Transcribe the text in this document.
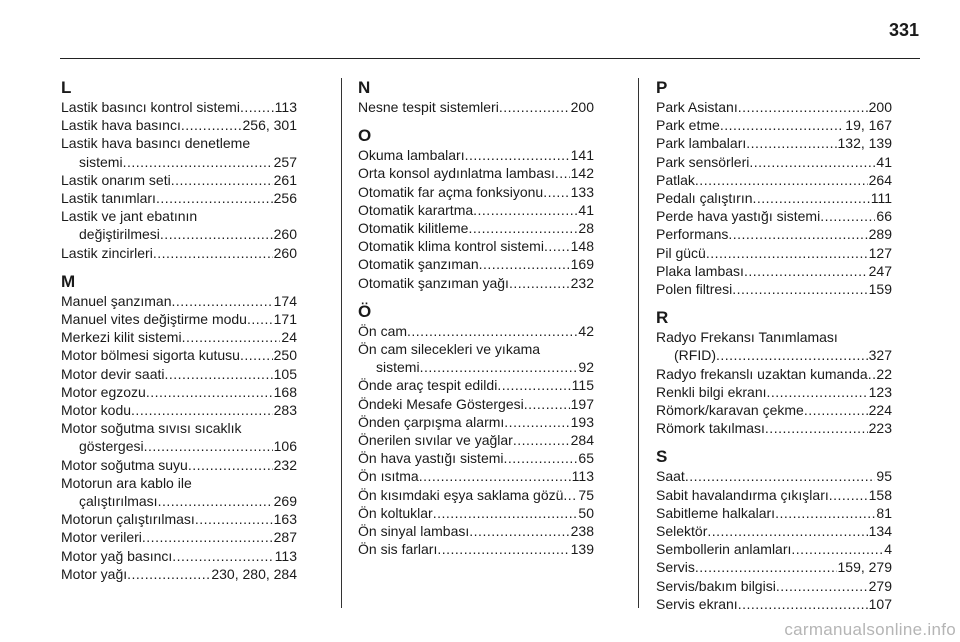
331
L
Lastik basıncı kontrol sistemi ..... 113
Lastik hava basıncı .....	256, 301
Lastik hava basıncı denetleme
sistemi .....	257
Lastik onarım seti .....	261
Lastik tanımları .....	256
Lastik ve jant ebatının
değiştirilmesi .....	260
Lastik zincirleri .....	260
M
Manuel şanzıman .....	174
Manuel vites değiştirme modu ..... 171
Merkezi kilit sistemi .....	24
Motor bölmesi sigorta kutusu ..... 250
Motor devir saati .....	105
Motor egzozu .....	168
Motor kodu .....	283
Motor soğutma sıvısı sıcaklık
göstergesi .....	106
Motor soğutma suyu .....	232
Motorun ara kablo ile
çalıştırılması .....	269
Motorun çalıştırılması .....	163
Motor verileri .....	287
Motor yağ basıncı .....	113
Motor yağı .....	230, 280, 284
N
Nesne tespit sistemleri .....	200
O
Okuma lambaları .....	141
Orta konsol aydınlatma lambası ..... 142
Otomatik far açma fonksiyonu ..... 133
Otomatik karartma .....	41
Otomatik kilitleme .....	28
Otomatik klima kontrol sistemi ..... 148
Otomatik şanzıman .....	169
Otomatik şanzıman yağı .....	232
Ö
Ön cam .....	42
Ön cam silecekleri ve yıkama
sistemi .....	92
Önde araç tespit edildi .....	115
Öndeki Mesafe Göstergesi .....	197
Önden çarpışma alarmı .....	193
Önerilen sıvılar ve yağlar .....	284
Ön hava yastığı sistemi .....	65
Ön ısıtma .....	113
Ön kısımdaki eşya saklama gözü ..... 75
Ön koltuklar .....	50
Ön sinyal lambası .....	238
Ön sis farları .....	139
P
Park Asistanı .....	200
Park etme .....	19, 167
Park lambaları .....	132, 139
Park sensörleri .....	41
Patlak .....	264
Pedalı çalıştırın .....	111
Perde hava yastığı sistemi .....	66
Performans .....	289
Pil gücü .....	127
Plaka lambası .....	247
Polen filtresi .....	159
R
Radyo Frekansı Tanımlaması
(RFID) .....	327
Radyo frekanslı uzaktan kumanda ..... 22
Renkli bilgi ekranı .....	123
Römork/karavan çekme .....	224
Römork takılması .....	223
S
Saat .....	95
Sabit havalandırma çıkışları .....	158
Sabitleme halkaları .....	81
Selektör .....	134
Sembollerin anlamları .....	4
Servis .....	159, 279
Servis/bakım bilgisi .....	279
Servis ekranı .....	107
carmanualsonline.info
